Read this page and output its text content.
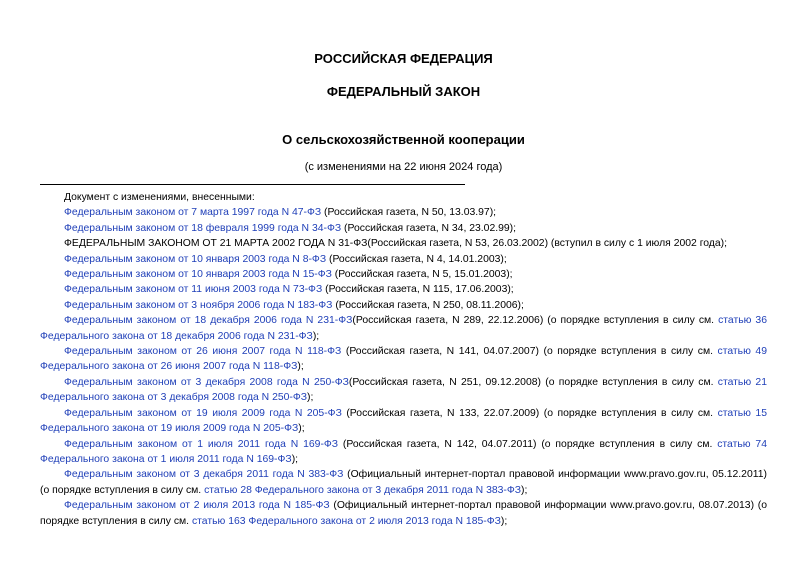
РОССИЙСКАЯ ФЕДЕРАЦИЯ
ФЕДЕРАЛЬНЫЙ ЗАКОН
О сельскохозяйственной кооперации
(с изменениями на 22 июня 2024 года)

Документ с изменениями, внесенными:

Федеральным законом от 7 марта 1997 года N 47-ФЗ (Российская газета, N 50, 13.03.97);

Федеральным законом от 18 февраля 1999 года N 34-ФЗ (Российская газета, N 34, 23.02.99);

ФЕДЕРАЛЬНЫМ ЗАКОНОМ ОТ 21 МАРТА 2002 ГОДА N 31-ФЗ(Российская газета, N 53, 26.03.2002) (вступил в силу с 1 июля 2002 года);

Федеральным законом от 10 января 2003 года N 8-ФЗ (Российская газета, N 4, 14.01.2003);

Федеральным законом от 10 января 2003 года N 15-ФЗ (Российская газета, N 5, 15.01.2003);

Федеральным законом от 11 июня 2003 года N 73-ФЗ (Российская газета, N 115, 17.06.2003);

Федеральным законом от 3 ноября 2006 года N 183-ФЗ (Российская газета, N 250, 08.11.2006);

Федеральным законом от 18 декабря 2006 года N 231-ФЗ(Российская газета, N 289, 22.12.2006) (о порядке вступления в силу см. статью 36 Федерального закона от 18 декабря 2006 года N 231-ФЗ);

Федеральным законом от 26 июня 2007 года N 118-ФЗ (Российская газета, N 141, 04.07.2007) (о порядке вступления в силу см. статью 49 Федерального закона от 26 июня 2007 года N 118-ФЗ);

Федеральным законом от 3 декабря 2008 года N 250-ФЗ(Российская газета, N 251, 09.12.2008) (о порядке вступления в силу см. статью 21 Федерального закона от 3 декабря 2008 года N 250-ФЗ);

Федеральным законом от 19 июля 2009 года N 205-ФЗ (Российская газета, N 133, 22.07.2009) (о порядке вступления в силу см. статью 15 Федерального закона от 19 июля 2009 года N 205-ФЗ);

Федеральным законом от 1 июля 2011 года N 169-ФЗ (Российская газета, N 142, 04.07.2011) (о порядке вступления в силу см. статью 74 Федерального закона от 1 июля 2011 года N 169-ФЗ);

Федеральным законом от 3 декабря 2011 года N 383-ФЗ (Официальный интернет-портал правовой информации www.pravo.gov.ru, 05.12.2011) (о порядке вступления в силу см. статью 28 Федерального закона от 3 декабря 2011 года N 383-ФЗ);

Федеральным законом от 2 июля 2013 года N 185-ФЗ (Официальный интернет-портал правовой информации www.pravo.gov.ru, 08.07.2013) (о порядке вступления в силу см. статью 163 Федерального закона от 2 июля 2013 года N 185-ФЗ);
